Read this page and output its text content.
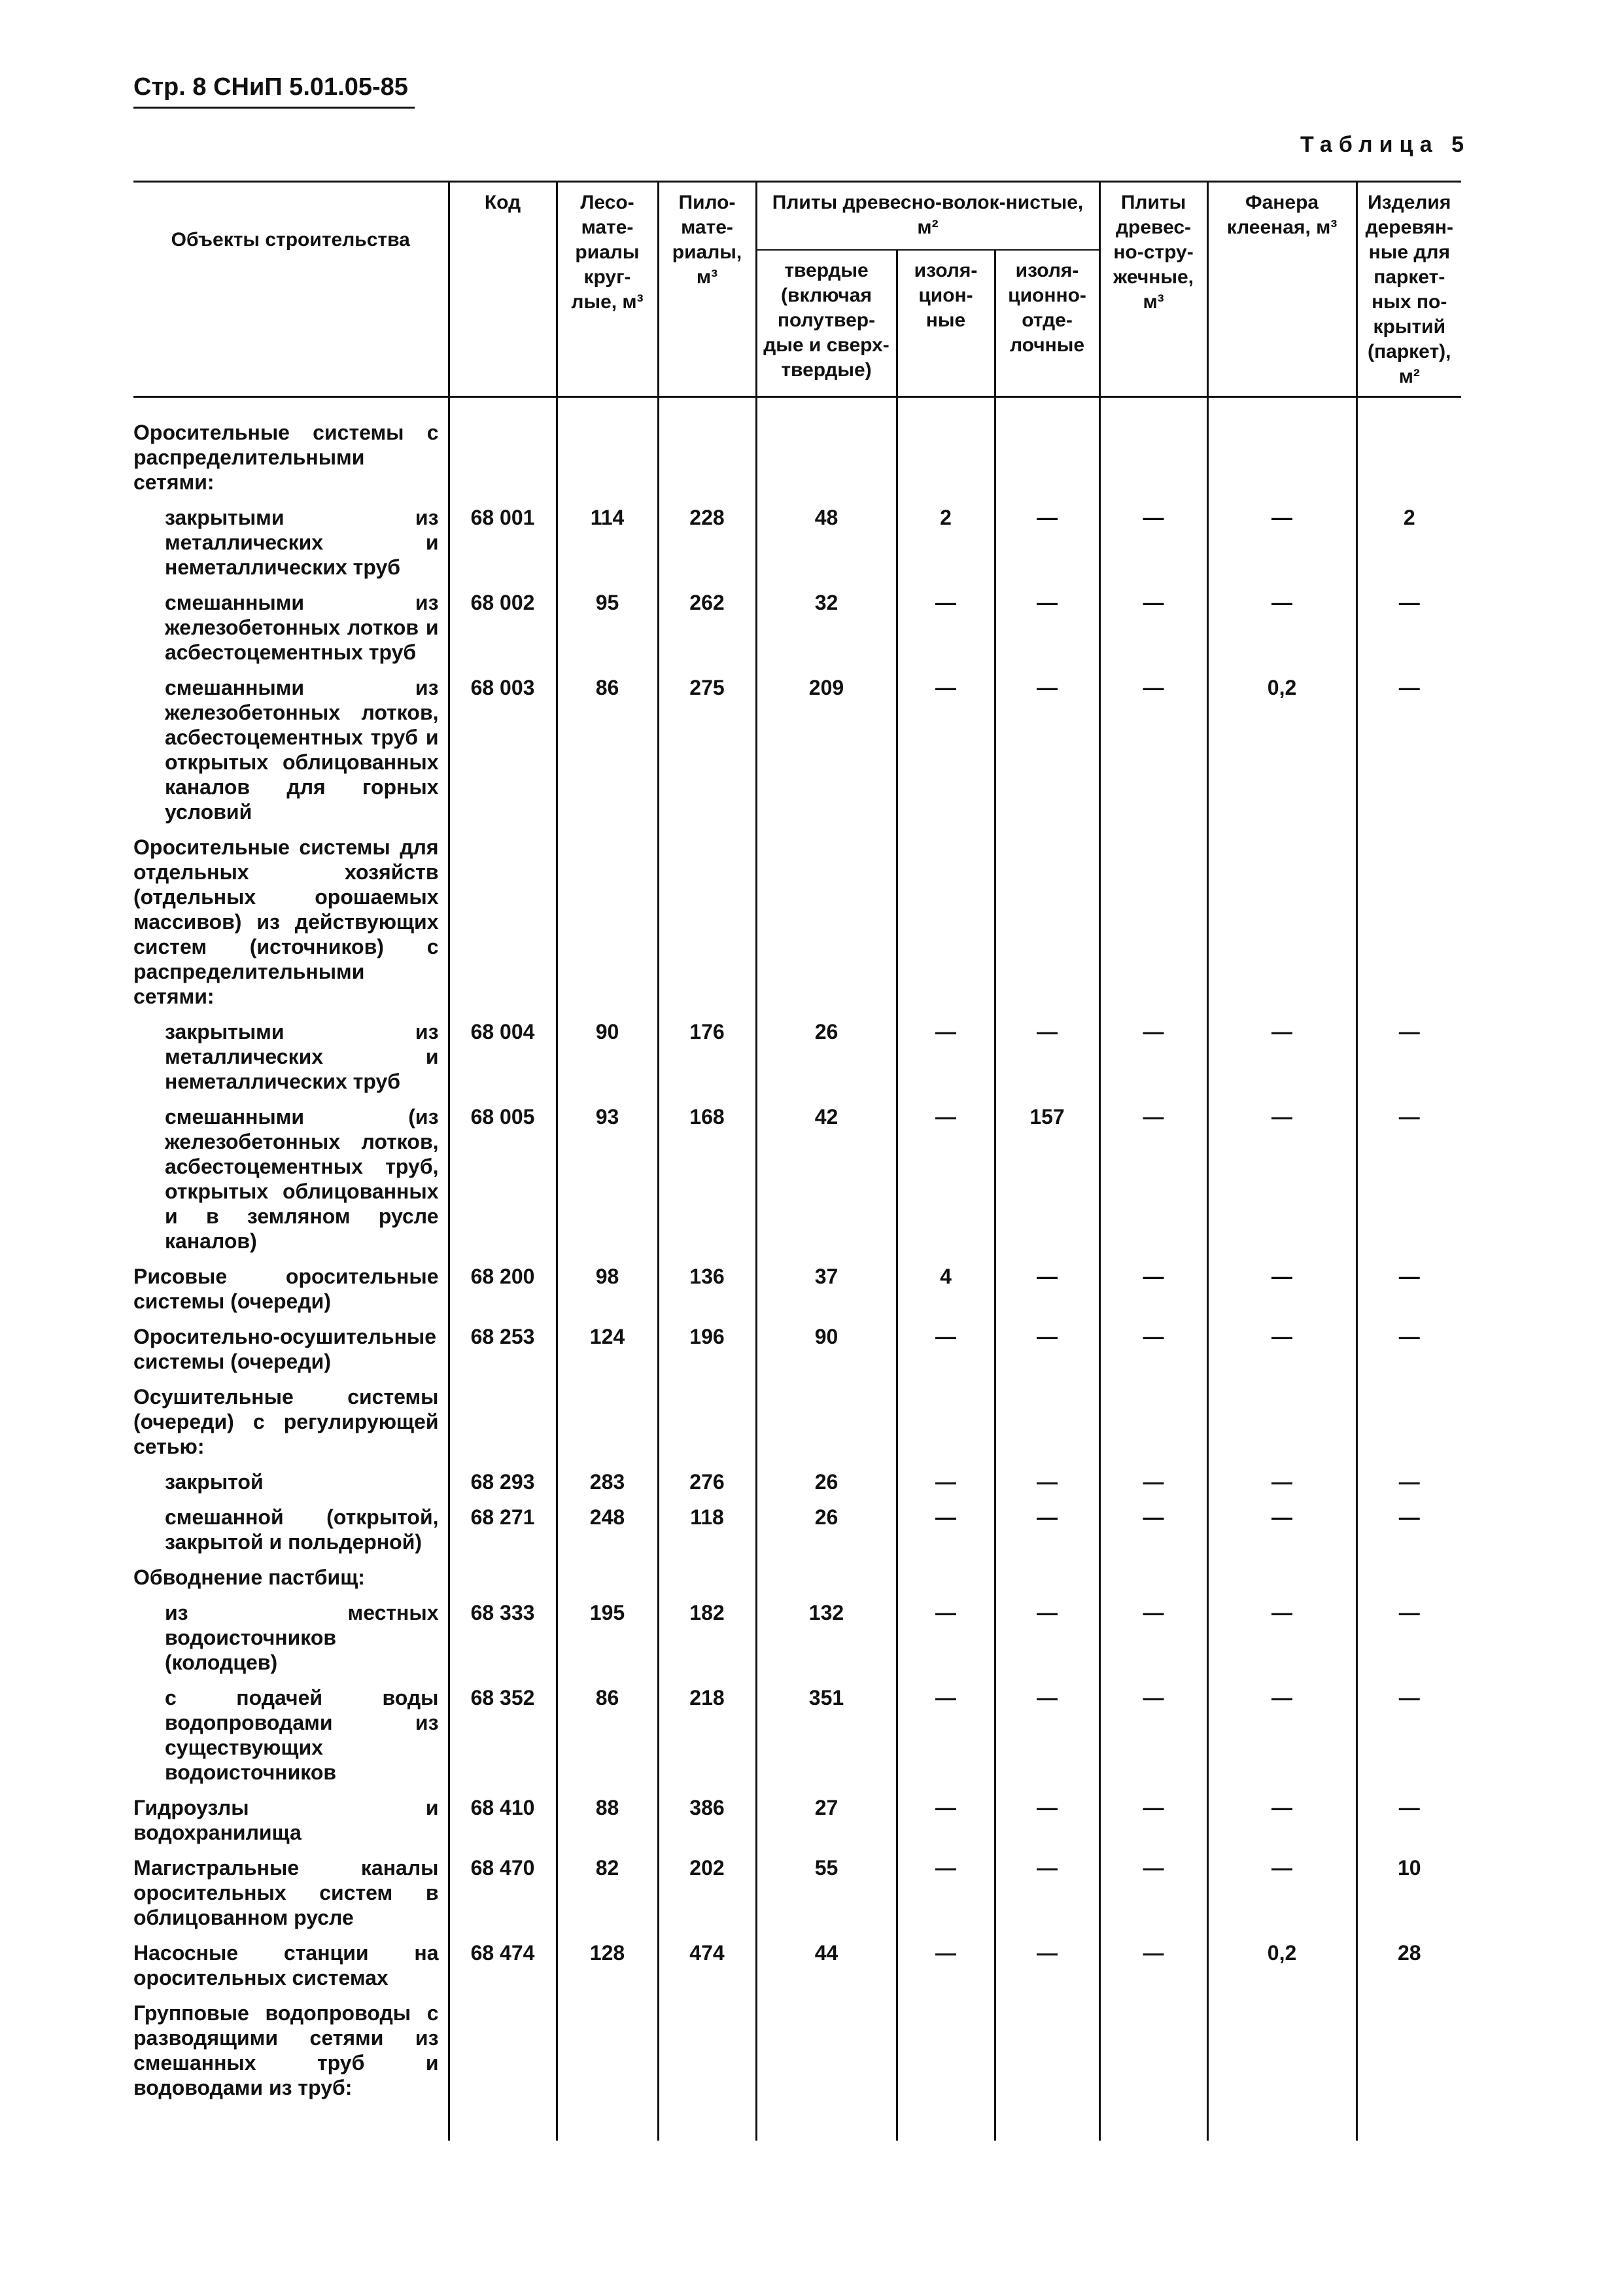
Стр. 8 СНиП 5.01.05-85
Таблица 5
Объекты строительства	Код	Лесо-мате-риалы круг-лые, м³	Пило-мате-риалы, м³	Плиты древесно-волок-нистые, м²			Плиты древес-но-стру-жечные, м³	Фанера клееная, м³	Изделия деревян-ные для паркет-ных по-крытий (паркет), м²
				твердые (включая полутвер-дые и сверх-твердые)	изоля-цион-ные	изоля-ционно-отде-лочные			
Оросительные системы с распределительными сетями:									
закрытыми из металлических и неметаллических труб	68 001	114	228	48	2	—	—	—	2
смешанными из железобетонных лотков и асбестоцементных труб	68 002	95	262	32	—	—	—	—	—
смешанными из железобетонных лотков, асбестоцементных труб и открытых облицованных каналов для горных условий	68 003	86	275	209	—	—	—	0,2	—
Оросительные системы для отдельных хозяйств (отдельных орошаемых массивов) из действующих систем (источников) с распределительными сетями:									
закрытыми из металлических и неметаллических труб	68 004	90	176	26	—	—	—	—	—
смешанными (из железобетонных лотков, асбестоцементных труб, открытых облицованных и в земляном русле каналов)	68 005	93	168	42	—	157	—	—	—
Рисовые оросительные системы (очереди)	68 200	98	136	37	4	—	—	—	—
Оросительно-осушительные системы (очереди)	68 253	124	196	90	—	—	—	—	—
Осушительные системы (очереди) с регулирующей сетью:									
закрытой	68 293	283	276	26	—	—	—	—	—
смешанной (открытой, закрытой и польдерной)	68 271	248	118	26	—	—	—	—	—
Обводнение пастбищ:									
из местных водоисточников (колодцев)	68 333	195	182	132	—	—	—	—	—
с подачей воды водопроводами из существующих водоисточников	68 352	86	218	351	—	—	—	—	—
Гидроузлы и водохранилища	68 410	88	386	27	—	—	—	—	—
Магистральные каналы оросительных систем в облицованном русле	68 470	82	202	55	—	—	—	—	10
Насосные станции на оросительных системах	68 474	128	474	44	—	—	—	0,2	28
Групповые водопроводы с разводящими сетями из смешанных труб и водоводами из труб:									
